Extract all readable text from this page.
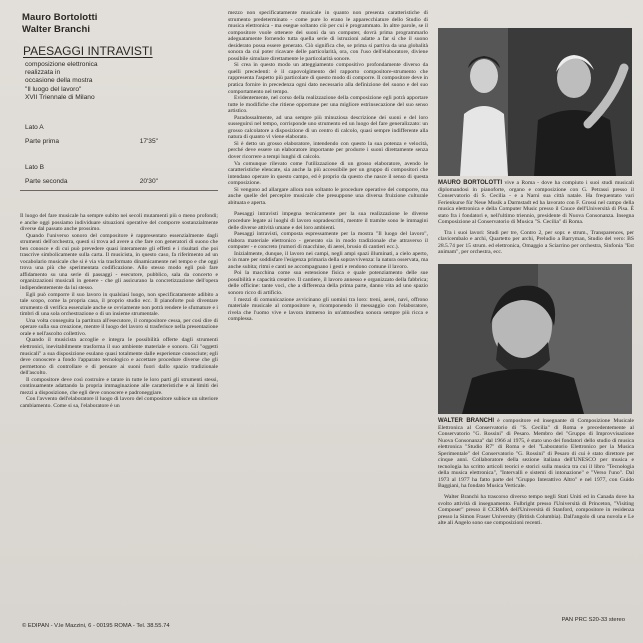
Mauro Bortolotti
Walter Branchi
PAESAGGI INTRAVISTI
composizione elettronica
realizzata in
occasione della mostra
"Il luogo del lavoro"
XVII Triennale di Milano
Lato A
Parte prima	17'35"
Lato B
Parte seconda	20'30"

Il luogo del fare musicale ha sempre subito nei secoli mutamenti più o meno profondi; e anche oggi possiamo individuare situazioni operative del comporre sostanzialmente diverse dal passato anche prossimo.

Quando l'universo sonoro del compositore è rappresentato essenzialmente dagli strumenti dell'orchestra, questi si trova ad avere a che fare con generatori di suono che ben conosce e di cui può prevedere quasi interamente gli effetti e i risultati che poi trascrive simbolicamente sulla carta. Il musicista, in questo caso, fa riferimento ad un vocabolario musicale che si è via via trasformato dinamicamente nel tempo e che oggi trova una più che sperimentata codificazione. Allo stesso modo egli può fare affidamento su una serie di passaggi - esecutore, pubblico, sala da concerto e organizzazioni musicali in genere - che gli assicurano la concretizzazione dell'opera indipendentemente da lui stesso.

Egli può comporre il suo lavoro in qualsiasi luogo, non specificatamente adibito a tale scopo, come la propria casa, il proprio studio ecc. Il pianoforte può diventare strumento di verifica essenziale anche se ovviamente non potrà rendere le sfumature e i timbri di una sola orchestrazione o di un insieme strumentale.

Una volta conseguita la partitura all'esecutore, il compositore cessa, per così dire di operare sulla sua creazione, mentre il luogo del lavoro si trasferisce nella presentazione orale e nell'ascolto collettivo.

Quando il musicista accoglie e integra le possibilità offerte dagli strumenti elettronici, inevitabilmente trasforma il suo ambiente materiale e sonoro. Gli "oggetti musicali" a sua disposizione esulano quasi totalmente dalle esperienze conosciute; egli deve conoscere a fondo l'apparato tecnologico e accettare procedure diverse che gli permettono di controllare e di pensare ai suoni fuori dallo spazio tradizionale dell'ascolto.

Il compositore deve così costruire e tarare in tutte le loro parti gli strumenti stessi, continuamente adattando la propria immaginazione alle caratteristiche e ai limiti dei mezzi a disposizione, che egli deve conoscere e padroneggiare.

Con l'avvento dell'elaboratore il luogo di lavoro del compositore subisce un ulteriore cambiamento. Come si sa, l'elaboratore è un

mezzo non specificatamente musicale in quanto non presenta caratteristiche di strumento predeterminato - come pure lo erano le apparecchiature dello Studio di musica elettronica - ma esegue soltanto ciò per cui è programmato. In altre parole, se il compositore vuole ottenere dei suoni da un computer, dovrà prima programmarlo adeguatamente fornendo tutta quella serie di istruzioni adatte a far sì che il suono desiderato possa essere generato. Ciò significa che, se prima si partiva da una globalità sonora da cui poter ricavare delle particolarità, ora, con l'uso dell'elaboratore, diviene possibile simulare direttamente le particolarità sonore.

Si crea in questo modo un atteggiamento compositivo profondamente diverso da quelli precedenti: è il capovolgimento del rapporto compositore-strumento che rappresenta l'aspetto più particolare di questo modo di comporre. Il compositore deve in pratica fornire in precedenza ogni dato necessario alla definizione del suono e del suo comportamento nel tempo.

Evidentemente, nel corso della realizzazione della composizione egli potrà apportare tutte le modifiche che ritiene opportune per una migliore estrinsecazione del suo senso artistico.

Paradossalmente, ad una sempre più minuziosa descrizione dei suoni e del loro susseguirsi nel tempo, corrisponde uno strumento ed un luogo del fare generalizzato: un grosso calcolatore a disposizione di un centro di calcolo, quasi sempre indifferente alla natura di quanto vi viene elaborato.

Sì è detto un grosso elaboratore, intendendo con questo la sua potenza e velocità, perché deve essere un elaboratore importante per produrre i suoni direttamente senza dover ricorrere a tempi lunghi di calcolo.

Va comunque rilevato come l'utilizzazione di un grosso elaboratore, avendo le caratteristiche elencate, sia anche la più accessibile per un gruppo di compositori che intendano operare in questo campo, ed è proprio da questo che nasce il senso di questa composizione.

Si vengono ad allargare allora non soltanto le procedure operative del comporre, ma anche quelle del percepire musicale che presuppone una diversa fruizione culturale abituata e aperta.

Paesaggi intravisti impegna tecnicamente per la sua realizzazione le diverse procedure legate ai luoghi di lavoro sopradescritti, mentre il tramite sono le immagini delle diverse attività umane e dei loro ambienti.

Paesaggi intravisti, composta espressamente per la mostra "Il luogo del lavoro", elabora materiale elettronico - generato sia in modo tradizionale che attraverso il computer - e concreto (rumori di macchine, di aerei, brusio di cantieri ecc.).

Inizialmente, dunque, il lavoro nei campi, negli ampi spazi illuminati, a cielo aperto, o in mare per soddisfare l'esigenza primaria della sopravvivenza: la natura osservata, ma anche subita; ritmi e canti ne accompagnano i gesti e rendono comune il lavoro.

Poi la macchina come sua estensione fisica e quale potenziamento delle sue possibilità e capacità creative. Il cantiere, il lavoro annesso e organizzato della fabbrica; delle officine: tante voci, che a differenza della prima parte, danno vita ad uno spazio sonoro ricco di artificio.

I mezzi di comunicazione avvicinano gli uomini tra loro: treni, aerei, navi, offrono materiale musicale al compositore e, ricomponendo il messaggio con l'elaboratore, rivela che l'uomo vive e lavora immerso in un'atmosfera sonora sempre più ricca e complessa.

MAURO BORTOLOTTI vive a Roma - dove ha compiuto i suoi studi musicali diplomandosi in pianoforte, organo e composizione con G. Petrassi presso il Conservatorio di S. Cecilia - e a Narni sua città natale. Ha frequentato vari Ferienkurse für Neue Musik a Darmstadt ed ha lavorato con F. Grossi nel campo della musica elettronica e della Computer Music presso il Cnuce dell'Università di Pisa. È stato fra i fondatori e, nell'ultimo triennio, presidente di Nuova Consonanza. Insegna Composizione al Conservatorio di Musica "S. Cecilia" di Roma.

Tra i suoi lavori: Studi per tre, Contro 2, per sopr. e strum., Transparences, per clavicembalo e archi, Quartetto per archi, Preludio a Barryman, Studio del vero: BS 28.5.74 per 15 strum. ed elettronica, Omaggio a Sciarrino per orchestra, Sinfonia "Est animam", per orchestra, ecc.

WALTER BRANCHI è compositore ed insegnante di Composizione Musicale Elettronica al Conservatorio di "S. Cecilia" di Roma e precedentemente al Conservatorio "G. Rossini" di Pesaro. Membro del "Gruppo di Improvvisazione Nuova Consonanza" dal 1966 al 1975, è stato uno dei fondatori dello studio di musica elettronica "Studio R7" di Roma e del "Laboratorio Elettronico per la Musica Sperimentale" del Conservatorio "G. Rossini" di Pesaro di cui è stato direttore per cinque anni. Collaboratore della sezione italiana dell'UNESCO per musica e tecnologia ha scritto articoli teorici e storici sulla musica tra cui il libro "Tecnologia della musica elettronica", "Intervalli e sistemi di intonazione" e "Verso l'uno". Dal 1973 al 1977 ha fatto parte del "Gruppo Interattivo Altro" e nel 1977, con Guido Baggiani, ha fondato Musica Verticale.

Walter Branchi ha trascorso diverso tempo negli Stati Uniti ed in Canada dove ha svolto attività di insegnamento. Fulbright presso l'Università di Princeton, "Visiting Composer" presso il CCRMA dell'Università di Stanford, compositore in residenza presso la Simon Fraser University (British Columbia). Dall'angolo di una nuvola e Le alte ali Angelo sono sue composizioni recenti.

© EDIPAN - V.le Mazzini, 6 - 00195 ROMA - Tel. 38.55.74
PAN PRC S20-33 stereo
